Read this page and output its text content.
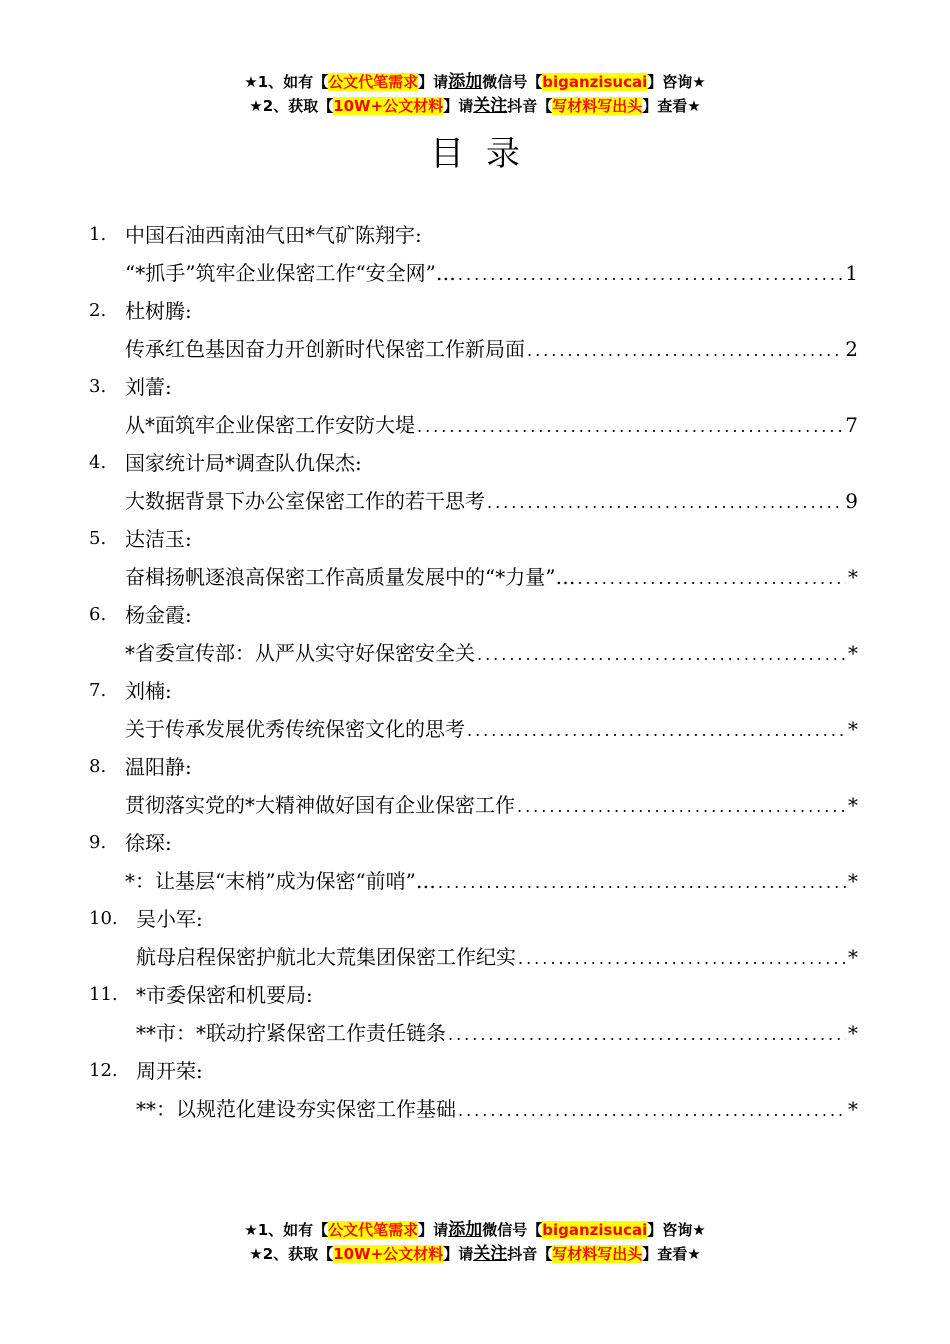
★1、如有【公文代笔需求】请添加微信号【biganzisucai】咨询★
★2、获取【10W+公文材料】请关注抖音【写材料写出头】查看★
目录
1. 中国石油西南油气田*气矿陈翔宇:
“*抓手”筑牢企业保密工作“安全网”… .....	1
2. 杜树腾:
传承红色基因奋力开创新时代保密工作新局面 .....	2
3. 刘蕾:
从*面筑牢企业保密工作安防大堤 .....	7
4. 国家统计局*调查队仇保杰:
大数据背景下办公室保密工作的若干思考 .....	9
5. 达洁玉:
奋楫扬帆逐浪高保密工作高质量发展中的“*力量”… .....	*
6. 杨金霞:
*省委宣传部：从严从实守好保密安全关 .....	*
7. 刘楠:
关于传承发展优秀传统保密文化的思考 .....	*
8. 温阳静:
贯彻落实党的*大精神做好国有企业保密工作 .....	*
9. 徐琛:
*：让基层“末梢”成为保密“前哨”… .....	*
10. 吴小军:
航母启程保密护航北大荒集团保密工作纪实 .....	*
11. *市委保密和机要局:
**市：*联动拧紧保密工作责任链条 .....	*
12. 周开荣:
**：以规范化建设夯实保密工作基础 .....	*
★1、如有【公文代笔需求】请添加微信号【biganzisucai】咨询★
★2、获取【10W+公文材料】请关注抖音【写材料写出头】查看★
